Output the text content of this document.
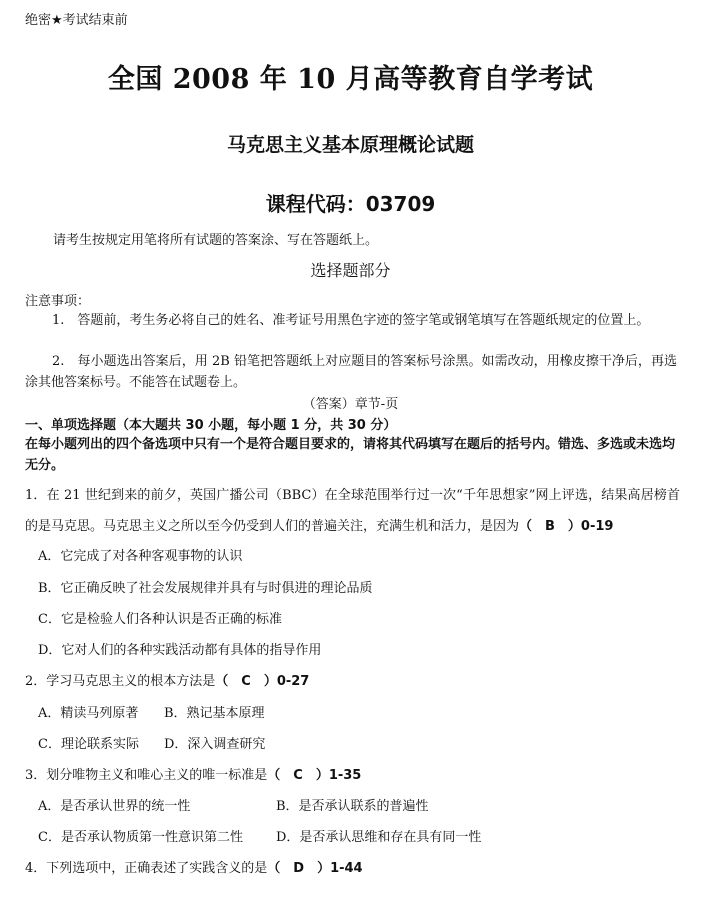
绝密★考试结束前
全国 2008 年 10 月高等教育自学考试
马克思主义基本原理概论试题
课程代码：03709
请考生按规定用笔将所有试题的答案涂、写在答题纸上。
选择题部分
注意事项：
1.　答题前，考生务必将自己的姓名、准考证号用黑色字迹的签字笔或钢笔填写在答题纸规定的位置上。
2.　每小题选出答案后，用 2B 铅笔把答题纸上对应题目的答案标号涂黑。如需改动，用橡皮擦干净后，再选涂其他答案标号。不能答在试题卷上。
（答案）章节-页
一、单项选择题（本大题共 30 小题，每小题 1 分，共 30 分）
在每小题列出的四个备选项中只有一个是符合题目要求的，请将其代码填写在题后的括号内。错选、多选或未选均无分。
1．在 21 世纪到来的前夕，英国广播公司（BBC）在全球范围举行过一次“千年思想家”网上评选，结果高居榜首的是马克思。马克思主义之所以至今仍受到人们的普遍关注，充满生机和活力，是因为（　B　）0-19
A．它完成了对各种客观事物的认识
B．它正确反映了社会发展规律并具有与时俱进的理论品质
C．它是检验人们各种认识是否正确的标准
D．它对人们的各种实践活动都有具体的指导作用
2．学习马克思主义的根本方法是（　C　）0-27
A．精读马列原著 B．熟记基本原理
C．理论联系实际 D．深入调查研究
3．划分唯物主义和唯心主义的唯一标准是（　C　）1-35
A．是否承认世界的统一性	B．是否承认联系的普遍性
C．是否承认物质第一性意识第二性	D．是否承认思维和存在具有同一性
4．下列选项中，正确表述了实践含义的是（　D　）1-44
